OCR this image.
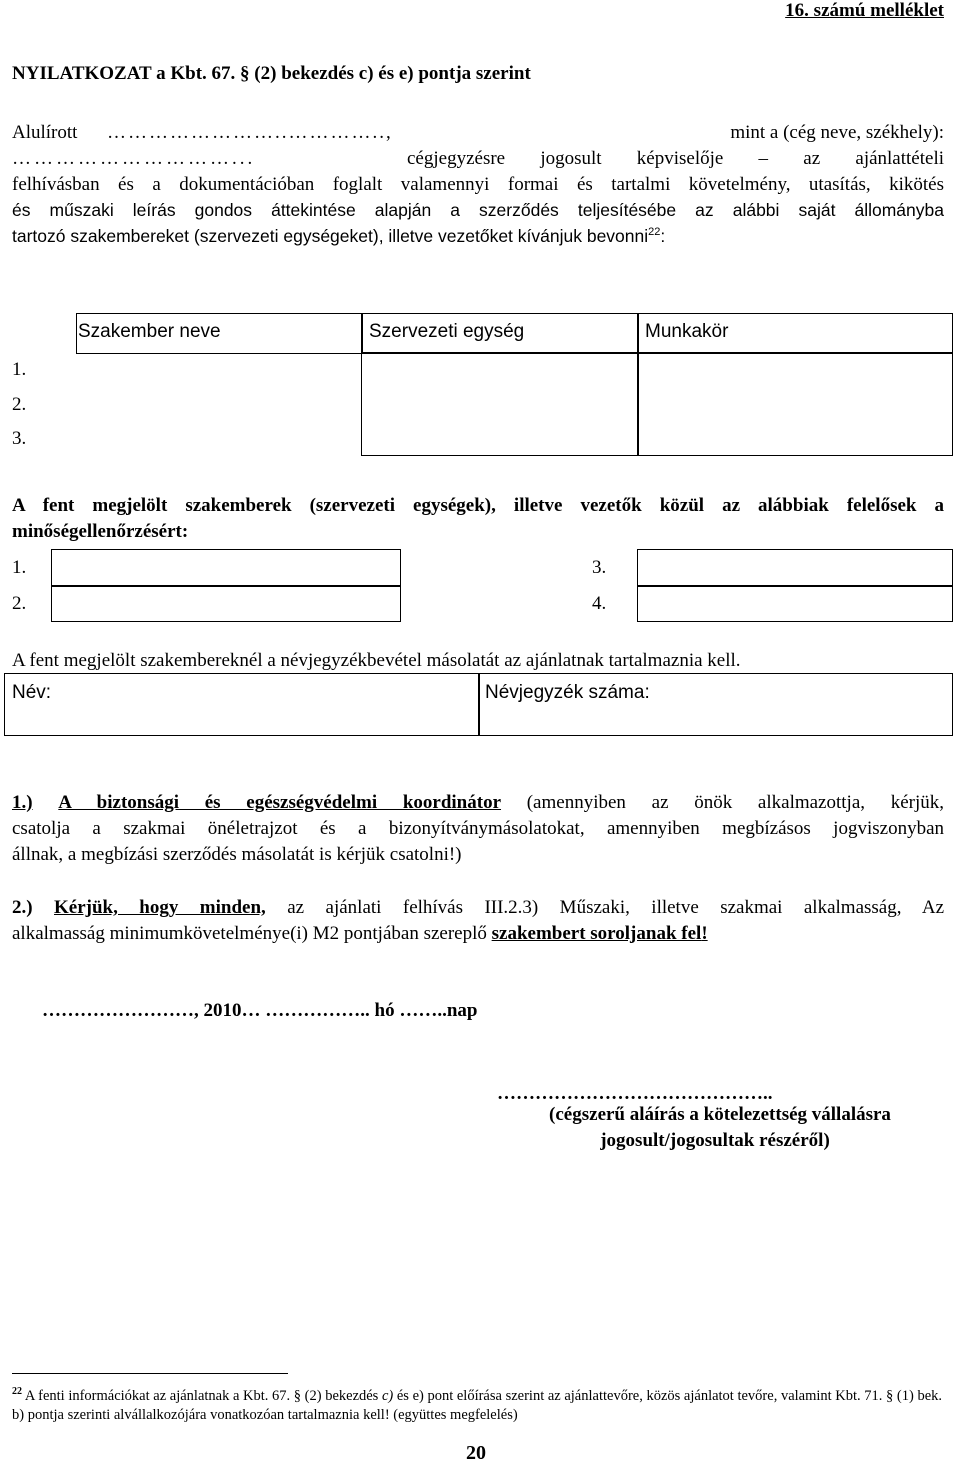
16. számú melléklet
NYILATKOZAT a Kbt. 67. § (2) bekezdés c) és e) pontja szerint
Alulírott ……………………..…………..,	mint a (cég neve, székhely):
…………………………...	cégjegyzésre jogosult képviselője – az ajánlattételi
felhívásban és a dokumentációban foglalt valamennyi formai és tartalmi követelmény, utasítás, kikötés
és műszaki leírás gondos áttekintése alapján a szerződés teljesítésébe az alábbi saját állományba
tartozó szakembereket (szervezeti egységeket), illetve vezetőket kívánjuk bevonni$^{22}$:
Szakember neve	Szervezeti egység	Munkakör
1.
2.
3.
A fent megjelölt szakemberek (szervezeti egységek), illetve vezetők közül az alábbiak felelősek a minőségellenőrzésért:
1.
2.
3.
4.
A fent megjelölt szakembereknél a névjegyzékbevétel másolatát az ajánlatnak tartalmaznia kell.
Név:	Névjegyzék száma:
1.) A biztonsági és egészségvédelmi koordinátor (amennyiben az önök alkalmazottja, kérjük,
csatolja a szakmai önéletrajzot és a bizonyítványmásolatokat, amennyiben megbízásos jogviszonyban
állnak, a megbízási szerződés másolatát is kérjük csatolni!)
2.) Kérjük, hogy minden, az ajánlati felhívás III.2.3) Műszaki, illetve szakmai alkalmasság, Az
alkalmasság minimumkövetelménye(i) M2 pontjában szereplő szakembert soroljanak fel!
……………………, 2010… …………….. hó ……..nap
……………………………………..
(cégszerű aláírás a kötelezettség vállalásra
jogosult/jogosultak részéről)
$^{22}$ A fenti információkat az ajánlatnak a Kbt. 67. § (2) bekezdés c) és e) pont előírása szerint az ajánlattevőre, közös ajánlatot tevőre, valamint Kbt. 71. § (1) bek. b) pontja szerinti alvállalkozójára vonatkozóan tartalmaznia kell! (együttes megfelelés)
20
